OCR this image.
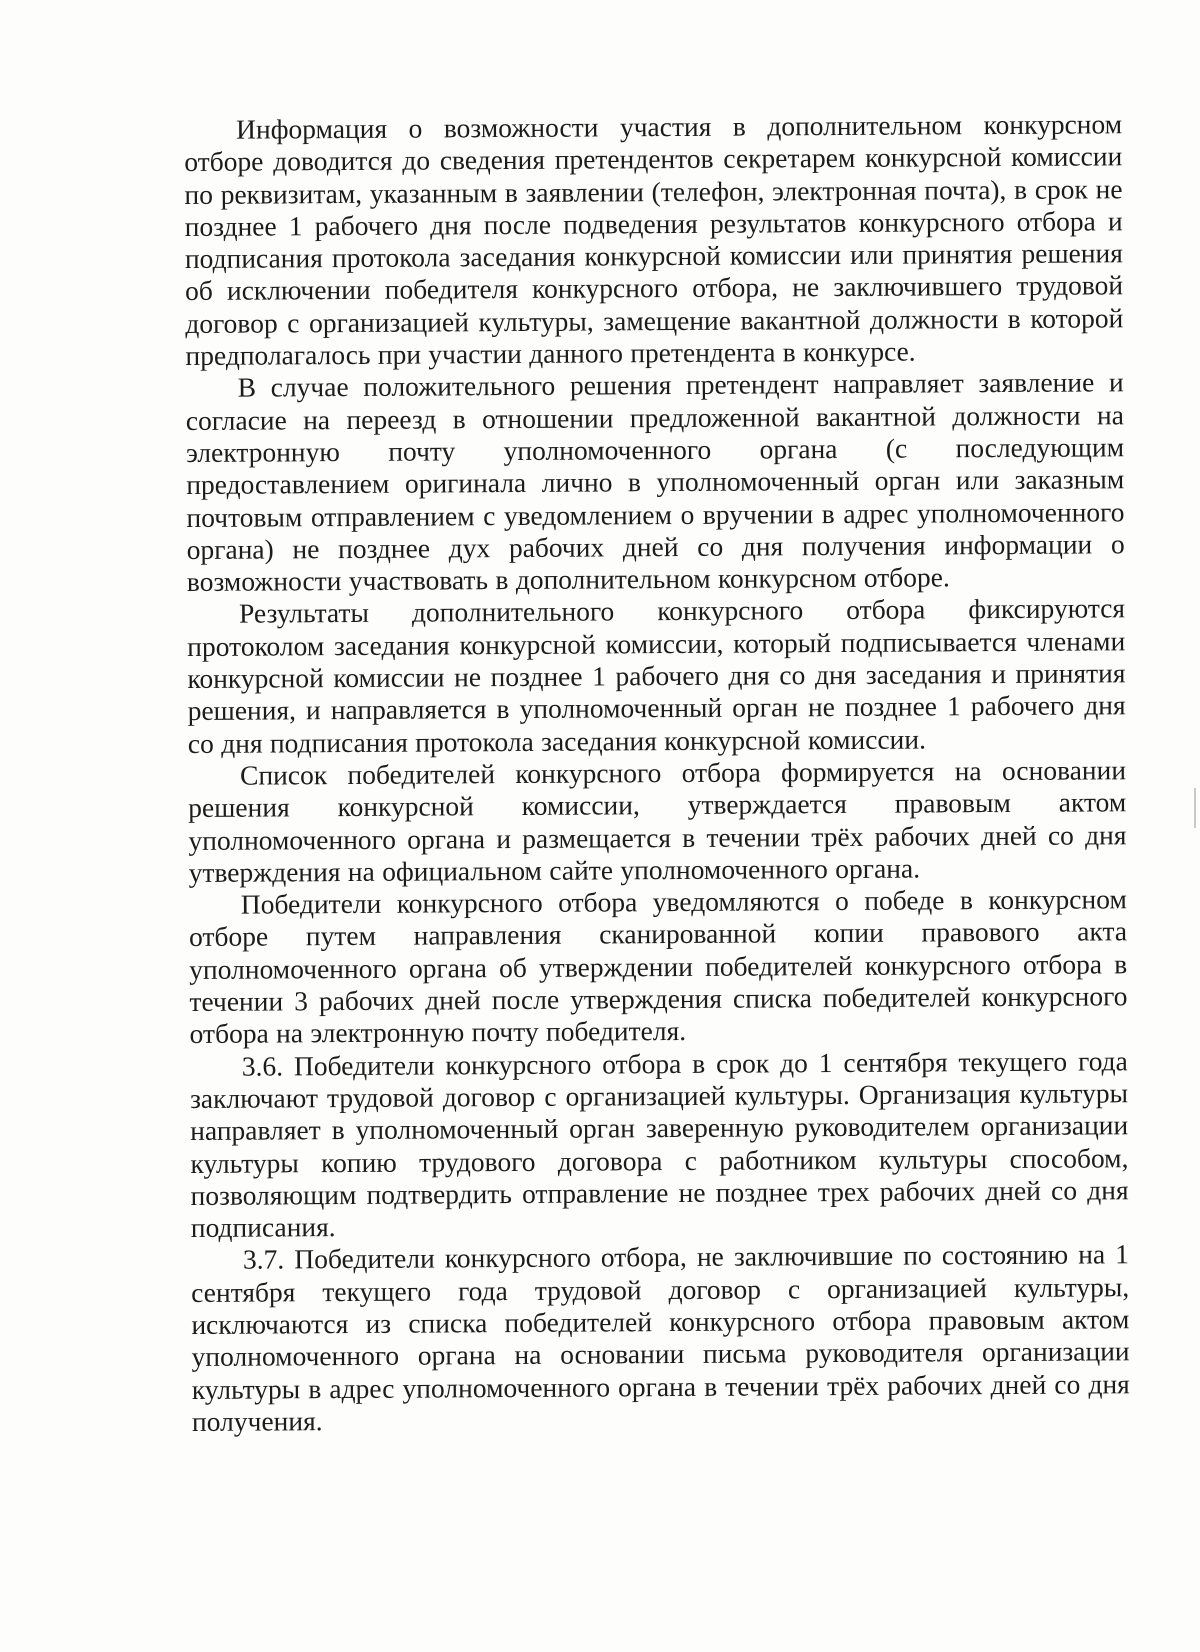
Информация о возможности участия в дополнительном конкурсном отборе доводится до сведения претендентов секретарем конкурсной комиссии по реквизитам, указанным в заявлении (телефон, электронная почта), в срок не позднее 1 рабочего дня после подведения результатов конкурсного отбора и подписания протокола заседания конкурсной комиссии или принятия решения об исключении победителя конкурсного отбора, не заключившего трудовой договор с организацией культуры, замещение вакантной должности в которой предполагалось при участии данного претендента в конкурсе.

В случае положительного решения претендент направляет заявление и согласие на переезд в отношении предложенной вакантной должности на электронную почту уполномоченного органа (с последующим предоставлением оригинала лично в уполномоченный орган или заказным почтовым отправлением с уведомлением о вручении в адрес уполномоченного органа) не позднее дух рабочих дней со дня получения информации о возможности участвовать в дополнительном конкурсном отборе.

Результаты дополнительного конкурсного отбора фиксируются протоколом заседания конкурсной комиссии, который подписывается членами конкурсной комиссии не позднее 1 рабочего дня со дня заседания и принятия решения, и направляется в уполномоченный орган не позднее 1 рабочего дня со дня подписания протокола заседания конкурсной комиссии.

Список победителей конкурсного отбора формируется на основании решения конкурсной комиссии, утверждается правовым актом уполномоченного органа и размещается в течении трёх рабочих дней со дня утверждения на официальном сайте уполномоченного органа.

Победители конкурсного отбора уведомляются о победе в конкурсном отборе путем направления сканированной копии правового акта уполномоченного органа об утверждении победителей конкурсного отбора в течении 3 рабочих дней после утверждения списка победителей конкурсного отбора на электронную почту победителя.

3.6. Победители конкурсного отбора в срок до 1 сентября текущего года заключают трудовой договор с организацией культуры. Организация культуры направляет в уполномоченный орган заверенную руководителем организации культуры копию трудового договора с работником культуры способом, позволяющим подтвердить отправление не позднее трех рабочих дней со дня подписания.

3.7. Победители конкурсного отбора, не заключившие по состоянию на 1 сентября текущего года трудовой договор с организацией культуры, исключаются из списка победителей конкурсного отбора правовым актом уполномоченного органа на основании письма руководителя организации культуры в адрес уполномоченного органа в течении трёх рабочих дней со дня получения.
